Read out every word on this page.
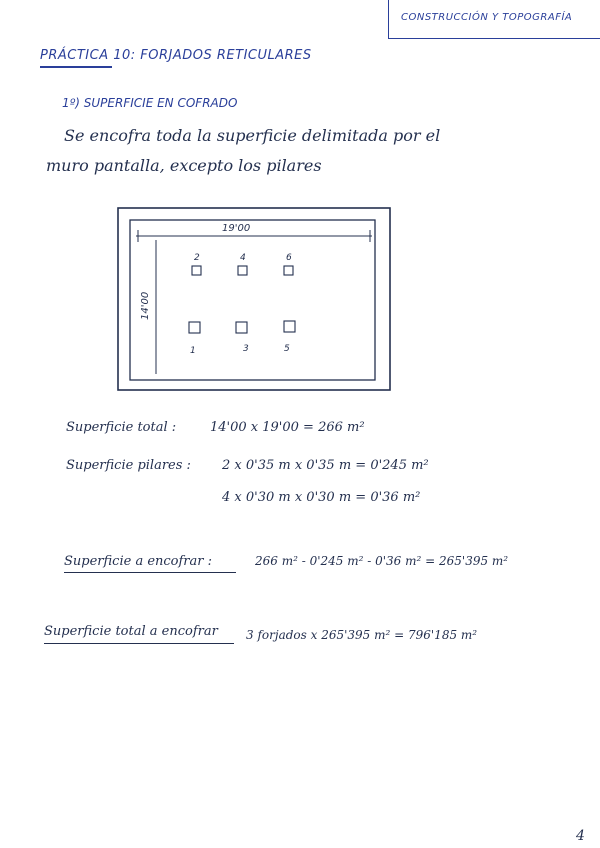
CONSTRUCCIÓN Y TOPOGRAFÍA
PRÁCTICA 10: FORJADOS RETICULARES
1º) SUPERFICIE EN COFRADO
Se encofra toda la superficie delimitada por el
muro pantalla, excepto los pilares
19'00
14'00
2	4	6
1	3	5
Superficie total :	14'00 x 19'00 = 266 m²
Superficie pilares : 2 x 0'35 m x 0'35 m = 0'245 m²
4 x 0'30 m x 0'30 m = 0'36 m²
Superficie a encofrar :	266 m² - 0'245 m² - 0'36 m² = 265'395 m²
Superficie total a encofrar 3 forjados x 265'395 m² = 796'185 m²
4
